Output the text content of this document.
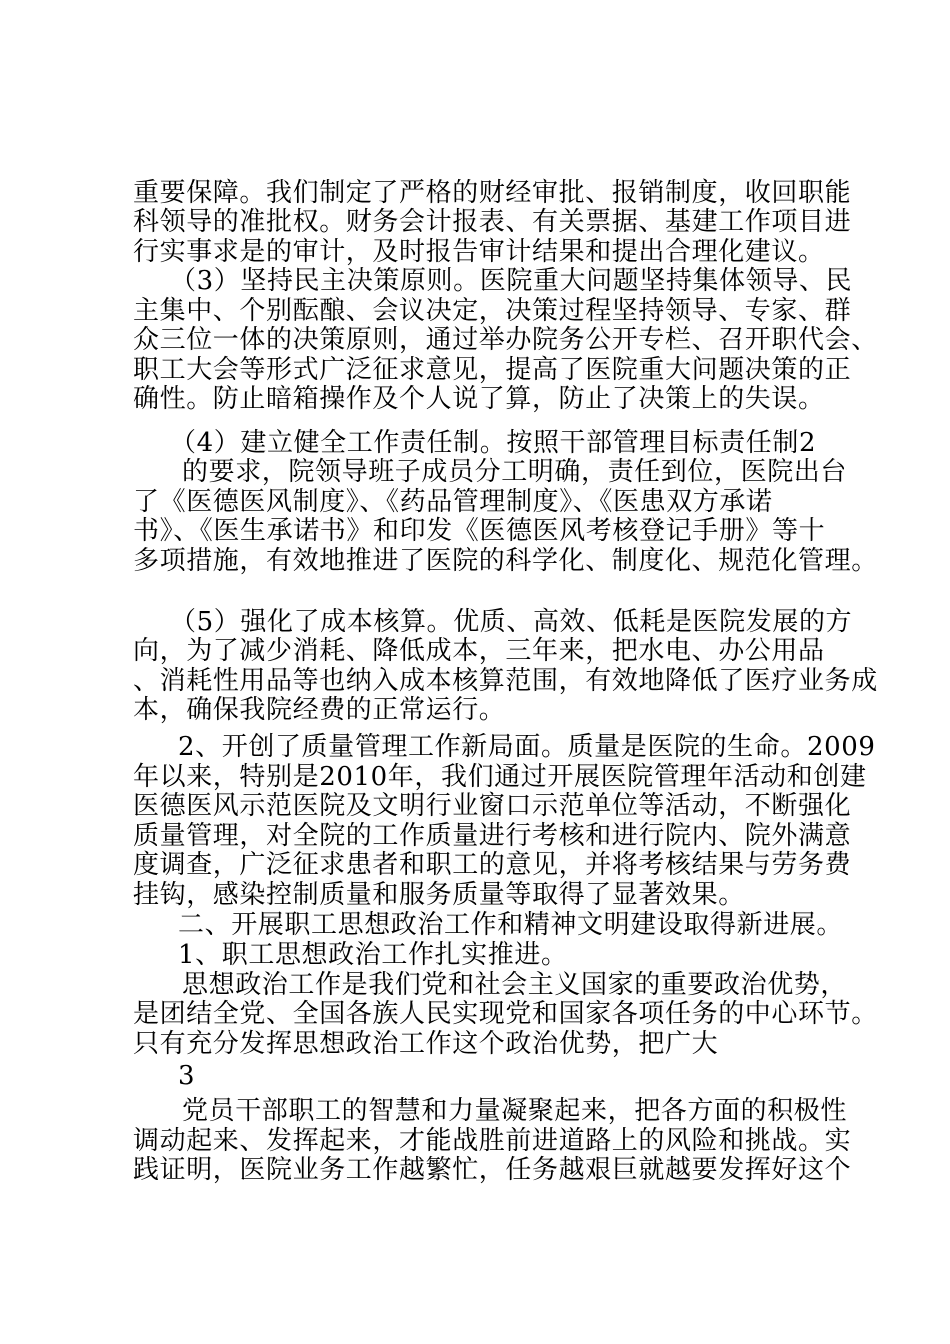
重要保障。我们制定了严格的财经审批、报销制度，收回职能
科领导的准批权。财务会计报表、有关票据、基建工作项目进
行实事求是的审计，及时报告审计结果和提出合理化建议。
（3）坚持民主决策原则。医院重大问题坚持集体领导、民
主集中、个别酝酿、会议决定，决策过程坚持领导、专家、群
众三位一体的决策原则，通过举办院务公开专栏、召开职代会、
职工大会等形式广泛征求意见，提高了医院重大问题决策的正
确性。防止暗箱操作及个人说了算，防止了决策上的失误。
（4）建立健全工作责任制。按照干部管理目标责任制2
的要求，院领导班子成员分工明确，责任到位，医院出台
了《医德医风制度》、《药品管理制度》、《医患双方承诺
书》、《医生承诺书》和印发《医德医风考核登记手册》等十
多项措施，有效地推进了医院的科学化、制度化、规范化管理。
（5）强化了成本核算。优质、高效、低耗是医院发展的方
向，为了减少消耗、降低成本，三年来，把水电、办公用品
、消耗性用品等也纳入成本核算范围，有效地降低了医疗业务成
本，确保我院经费的正常运行。
2、开创了质量管理工作新局面。质量是医院的生命。2009
年以来，特别是2010年，我们通过开展医院管理年活动和创建
医德医风示范医院及文明行业窗口示范单位等活动，不断强化
质量管理，对全院的工作质量进行考核和进行院内、院外满意
度调查，广泛征求患者和职工的意见，并将考核结果与劳务费
挂钩，感染控制质量和服务质量等取得了显著效果。
二、开展职工思想政治工作和精神文明建设取得新进展。
1、职工思想政治工作扎实推进。
思想政治工作是我们党和社会主义国家的重要政治优势，
是团结全党、全国各族人民实现党和国家各项任务的中心环节。
只有充分发挥思想政治工作这个政治优势，把广大
3
党员干部职工的智慧和力量凝聚起来，把各方面的积极性
调动起来、发挥起来，才能战胜前进道路上的风险和挑战。实
践证明，医院业务工作越繁忙，任务越艰巨就越要发挥好这个
